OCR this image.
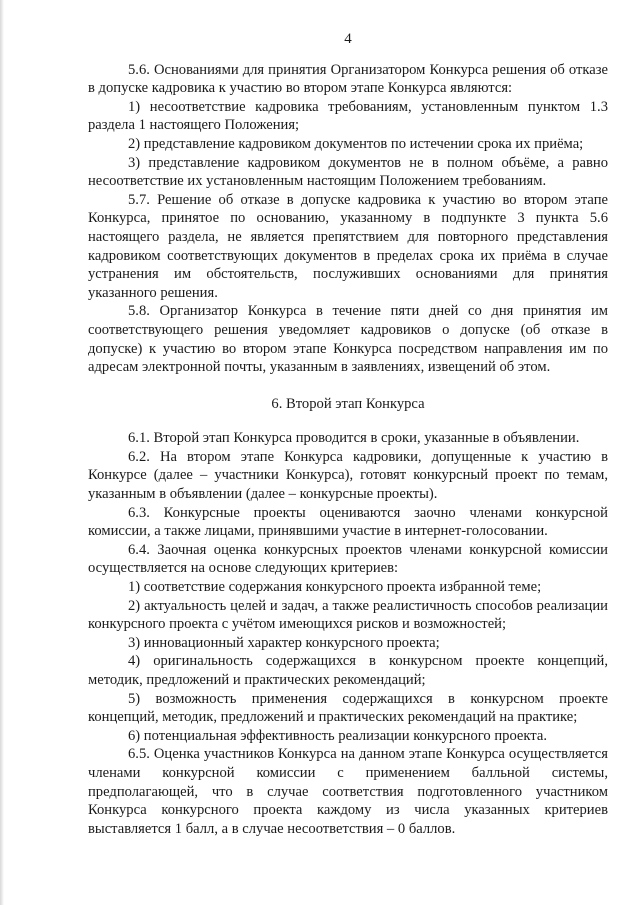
4

5.6. Основаниями для принятия Организатором Конкурса решения об отказе в допуске кадровика к участию во втором этапе Конкурса являются:

1) несоответствие кадровика требованиям, установленным пунктом 1.3 раздела 1 настоящего Положения;

2) представление кадровиком документов по истечении срока их приёма;

3) представление кадровиком документов не в полном объёме, а равно несоответствие их установленным настоящим Положением требованиям.

5.7. Решение об отказе в допуске кадровика к участию во втором этапе Конкурса, принятое по основанию, указанному в подпункте 3 пункта 5.6 настоящего раздела, не является препятствием для повторного представления кадровиком соответствующих документов в пределах срока их приёма в случае устранения им обстоятельств, послуживших основаниями для принятия указанного решения.

5.8. Организатор Конкурса в течение пяти дней со дня принятия им соответствующего решения уведомляет кадровиков о допуске (об отказе в допуске) к участию во втором этапе Конкурса посредством направления им по адресам электронной почты, указанным в заявлениях, извещений об этом.

6. Второй этап Конкурса

6.1. Второй этап Конкурса проводится в сроки, указанные в объявлении.

6.2. На втором этапе Конкурса кадровики, допущенные к участию в Конкурсе (далее – участники Конкурса), готовят конкурсный проект по темам, указанным в объявлении (далее – конкурсные проекты).

6.3. Конкурсные проекты оцениваются заочно членами конкурсной комиссии, а также лицами, принявшими участие в интернет-голосовании.

6.4. Заочная оценка конкурсных проектов членами конкурсной комиссии осуществляется на основе следующих критериев:

1) соответствие содержания конкурсного проекта избранной теме;

2) актуальность целей и задач, а также реалистичность способов реализации конкурсного проекта с учётом имеющихся рисков и возможностей;

3) инновационный характер конкурсного проекта;

4) оригинальность содержащихся в конкурсном проекте концепций, методик, предложений и практических рекомендаций;

5) возможность применения содержащихся в конкурсном проекте концепций, методик, предложений и практических рекомендаций на практике;

6) потенциальная эффективность реализации конкурсного проекта.

6.5. Оценка участников Конкурса на данном этапе Конкурса осуществляется членами конкурсной комиссии с применением балльной системы, предполагающей, что в случае соответствия подготовленного участником Конкурса конкурсного проекта каждому из числа указанных критериев выставляется 1 балл, а в случае несоответствия – 0 баллов.
